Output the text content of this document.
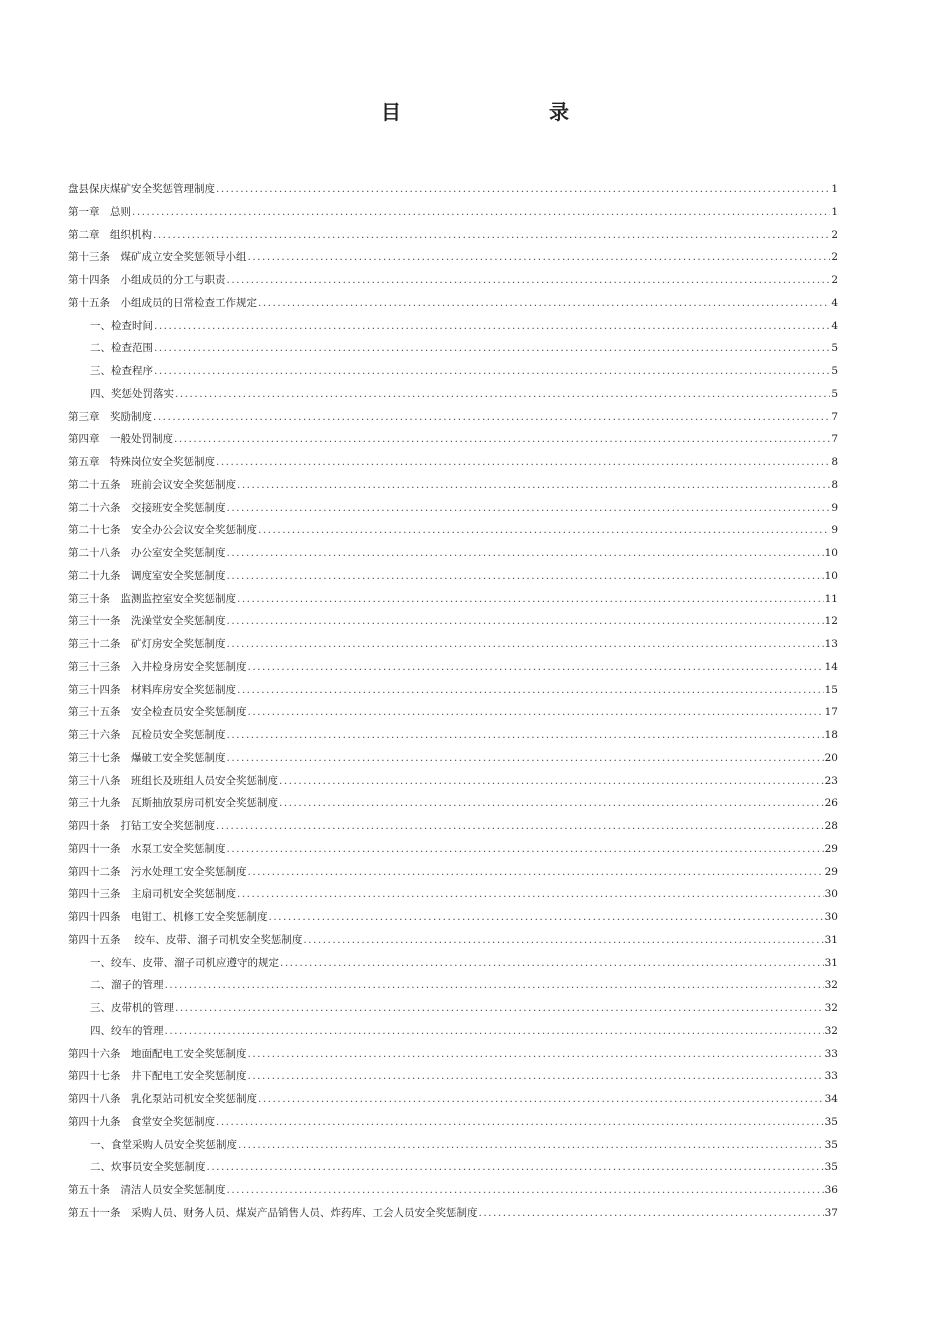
目　　录
盘县保庆煤矿安全奖惩管理制度 .....	1
第一章　总则 .....	1
第二章　组织机构 .....	2
第十三条　煤矿成立安全奖惩领导小组 .....	2
第十四条　小组成员的分工与职责 .....	2
第十五条　小组成员的日常检查工作规定 .....	4
一、检查时间 .....	4
二、检查范围 .....	5
三、检查程序 .....	5
四、奖惩处罚落实 .....	5
第三章　奖励制度 .....	7
第四章　一般处罚制度 .....	7
第五章　特殊岗位安全奖惩制度 .....	8
第二十五条　班前会议安全奖惩制度 .....	8
第二十六条　交接班安全奖惩制度 .....	9
第二十七条　安全办公会议安全奖惩制度 .....	9
第二十八条　办公室安全奖惩制度 .....	10
第二十九条　调度室安全奖惩制度 .....	10
第三十条　监测监控室安全奖惩制度 .....	11
第三十一条　洗澡堂安全奖惩制度 .....	12
第三十二条　矿灯房安全奖惩制度 .....	13
第三十三条　入井检身房安全奖惩制度 .....	14
第三十四条　材料库房安全奖惩制度 .....	15
第三十五条　安全检查员安全奖惩制度 .....	17
第三十六条　瓦检员安全奖惩制度 .....	18
第三十七条　爆破工安全奖惩制度 .....	20
第三十八条　班组长及班组人员安全奖惩制度 .....	23
第三十九条　瓦斯抽放泵房司机安全奖惩制度 .....	26
第四十条　打钻工安全奖惩制度 .....	28
第四十一条　水泵工安全奖惩制度 .....	29
第四十二条　污水处理工安全奖惩制度 .....	29
第四十三条　主扇司机安全奖惩制度 .....	30
第四十四条　电钳工、机修工安全奖惩制度 .....	30
第四十五条　 绞车、皮带、溜子司机安全奖惩制度 .....	31
一、绞车、皮带、溜子司机应遵守的规定 .....	31
二、溜子的管理 .....	32
三、皮带机的管理 .....	32
四、绞车的管理 .....	32
第四十六条　地面配电工安全奖惩制度 .....	33
第四十七条　井下配电工安全奖惩制度 .....	33
第四十八条　乳化泵站司机安全奖惩制度 .....	34
第四十九条　食堂安全奖惩制度 .....	35
一、食堂采购人员安全奖惩制度 .....	35
二、炊事员安全奖惩制度 .....	35
第五十条　清洁人员安全奖惩制度 .....	36
第五十一条　采购人员、财务人员、煤炭产品销售人员、炸药库、工会人员安全奖惩制度 .....	37
